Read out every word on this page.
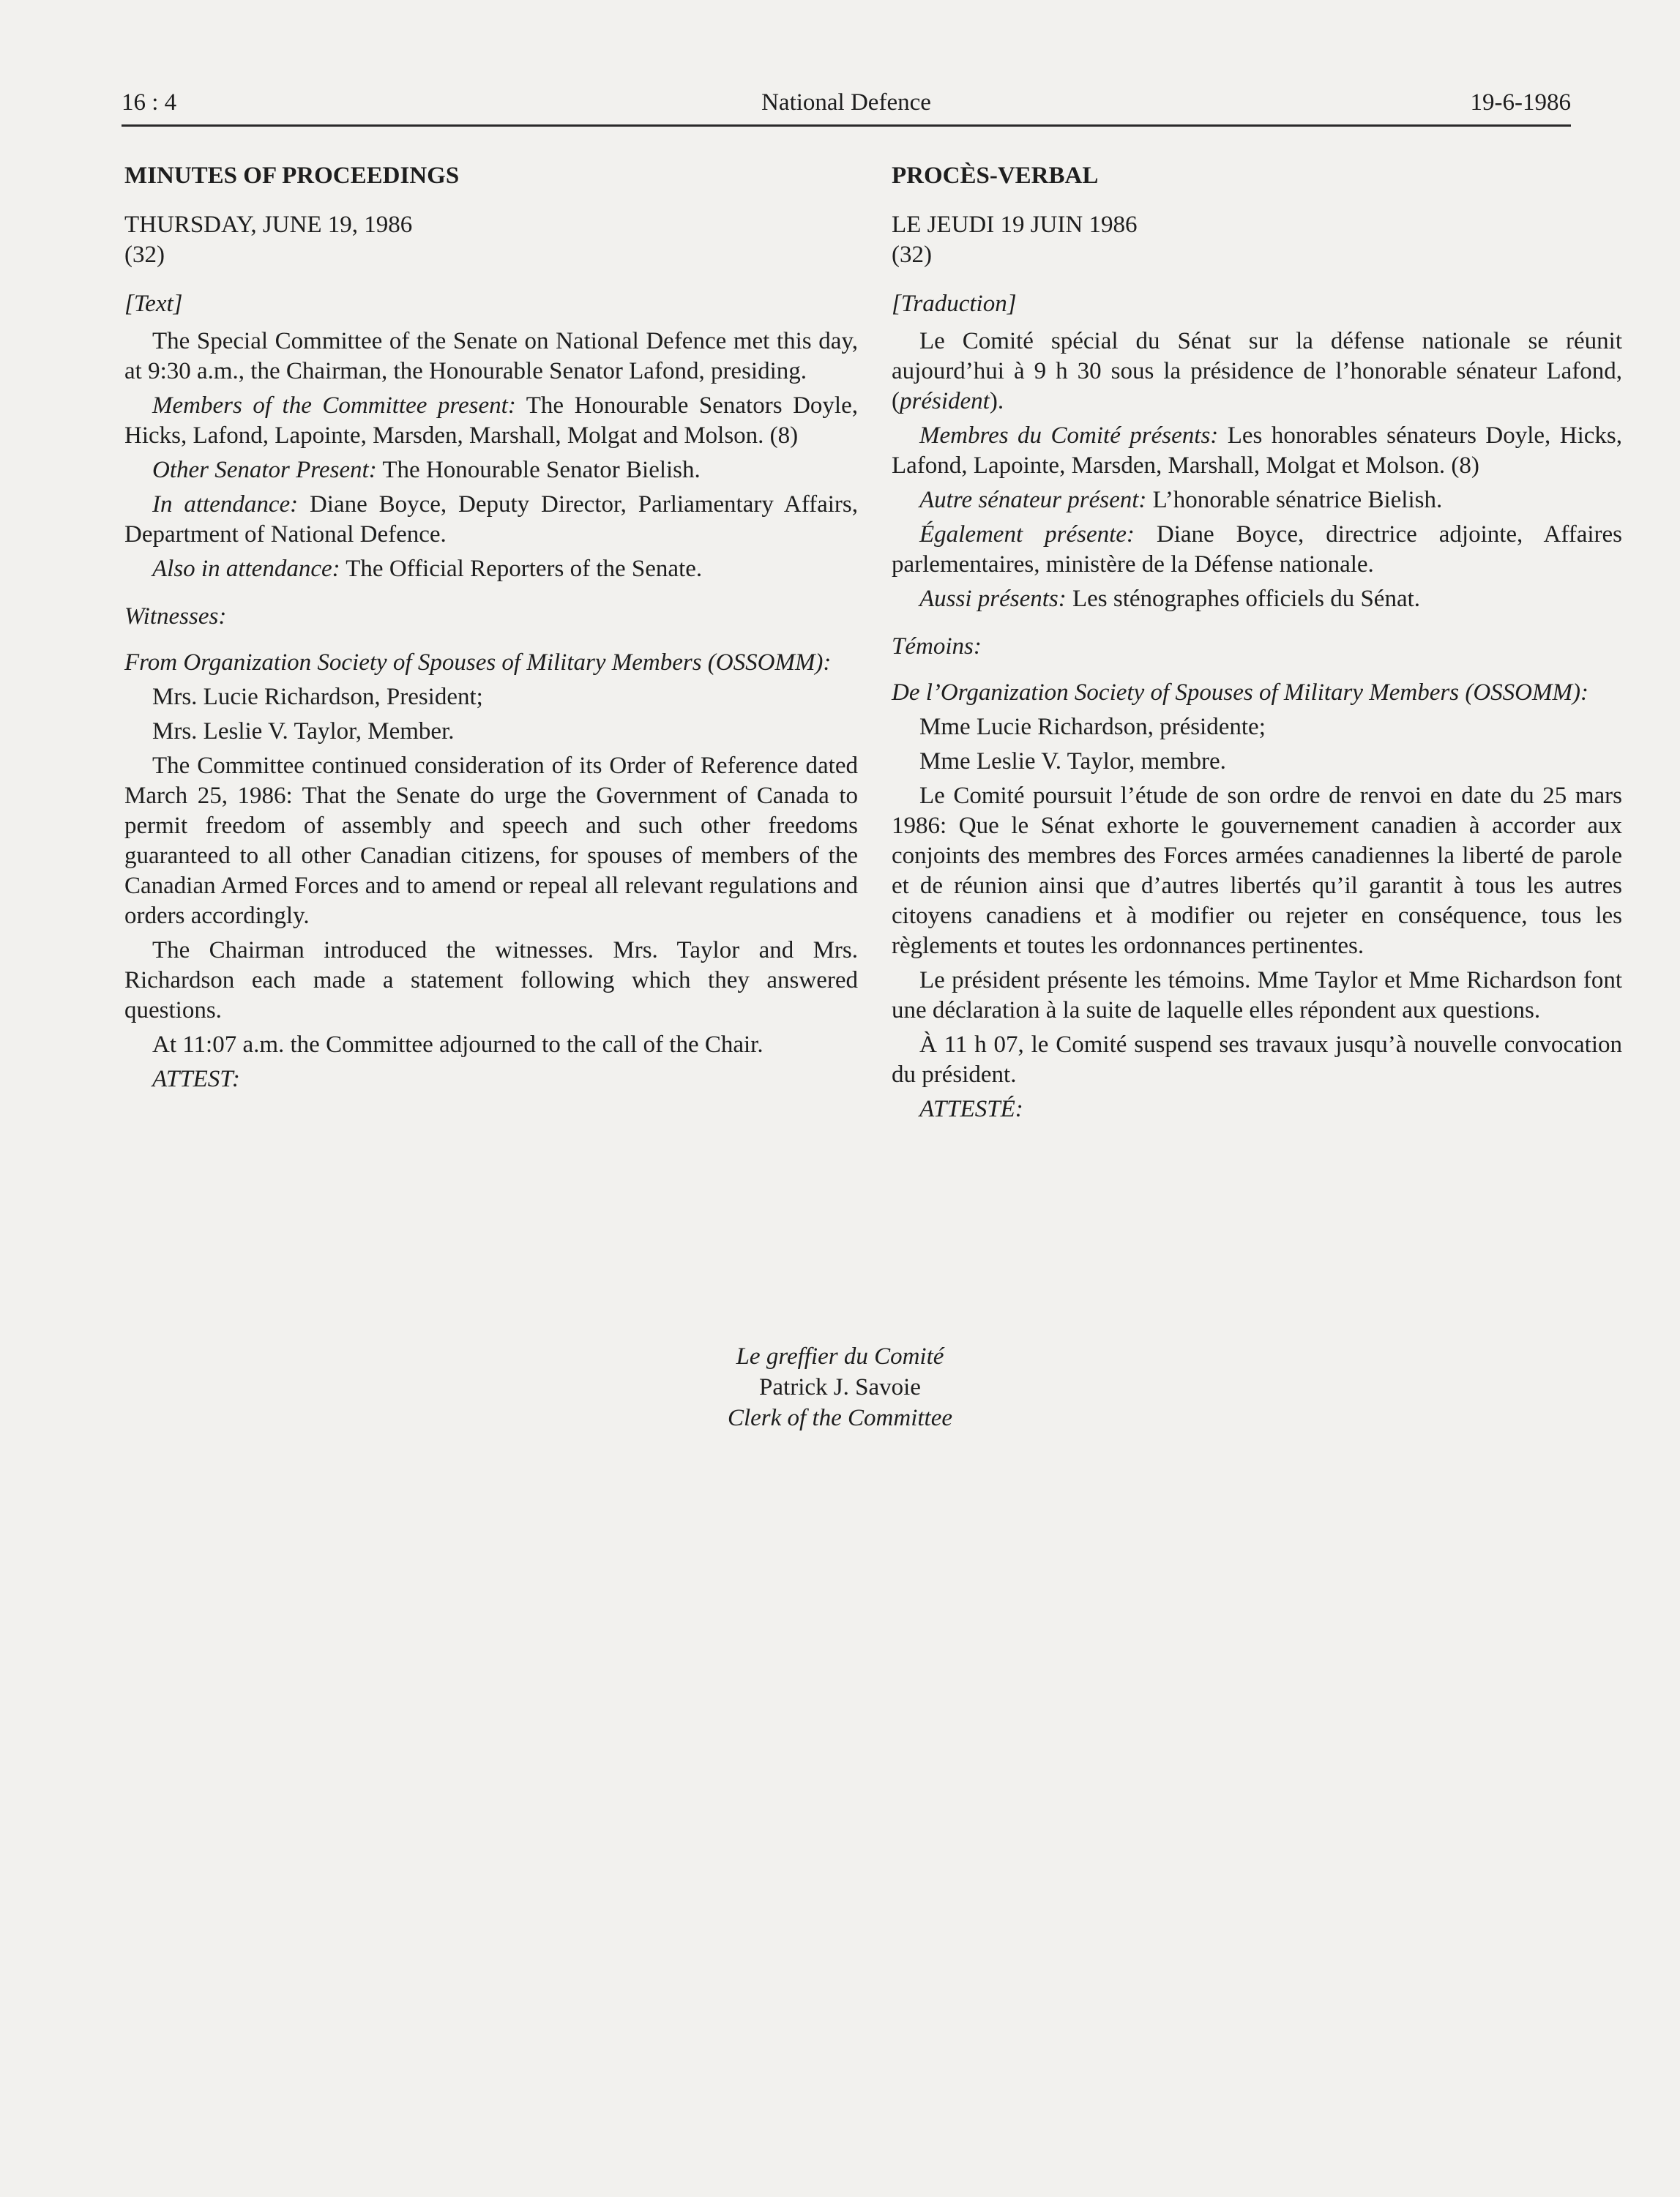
16 : 4	National Defence	19-6-1986

MINUTES OF PROCEEDINGS

THURSDAY, JUNE 19, 1986

(32)

[Text]

The Special Committee of the Senate on National Defence met this day, at 9:30 a.m., the Chairman, the Honourable Senator Lafond, presiding.

Members of the Committee present: The Honourable Senators Doyle, Hicks, Lafond, Lapointe, Marsden, Marshall, Molgat and Molson. (8)

Other Senator Present: The Honourable Senator Bielish.

In attendance: Diane Boyce, Deputy Director, Parliamentary Affairs, Department of National Defence.

Also in attendance: The Official Reporters of the Senate.

Witnesses:

From Organization Society of Spouses of Military Members (OSSOMM):

Mrs. Lucie Richardson, President;

Mrs. Leslie V. Taylor, Member.

The Committee continued consideration of its Order of Reference dated March 25, 1986: That the Senate do urge the Government of Canada to permit freedom of assembly and speech and such other freedoms guaranteed to all other Canadian citizens, for spouses of members of the Canadian Armed Forces and to amend or repeal all relevant regulations and orders accordingly.

The Chairman introduced the witnesses. Mrs. Taylor and Mrs. Richardson each made a statement following which they answered questions.

At 11:07 a.m. the Committee adjourned to the call of the Chair.

ATTEST:

PROCÈS-VERBAL

LE JEUDI 19 JUIN 1986

(32)

[Traduction]

Le Comité spécial du Sénat sur la défense nationale se réunit aujourd’hui à 9 h 30 sous la présidence de l’honorable sénateur Lafond, (président).

Membres du Comité présents: Les honorables sénateurs Doyle, Hicks, Lafond, Lapointe, Marsden, Marshall, Molgat et Molson. (8)

Autre sénateur présent: L’honorable sénatrice Bielish.

Également présente: Diane Boyce, directrice adjointe, Affaires parlementaires, ministère de la Défense nationale.

Aussi présents: Les sténographes officiels du Sénat.

Témoins:

De l’Organization Society of Spouses of Military Members (OSSOMM):

Mme Lucie Richardson, présidente;

Mme Leslie V. Taylor, membre.

Le Comité poursuit l’étude de son ordre de renvoi en date du 25 mars 1986: Que le Sénat exhorte le gouvernement canadien à accorder aux conjoints des membres des Forces armées canadiennes la liberté de parole et de réunion ainsi que d’autres libertés qu’il garantit à tous les autres citoyens canadiens et à modifier ou rejeter en conséquence, tous les règlements et toutes les ordonnances pertinentes.

Le président présente les témoins. Mme Taylor et Mme Richardson font une déclaration à la suite de laquelle elles répondent aux questions.

À 11 h 07, le Comité suspend ses travaux jusqu’à nouvelle convocation du président.

ATTESTÉ:

Le greffier du Comité
Patrick J. Savoie
Clerk of the Committee
